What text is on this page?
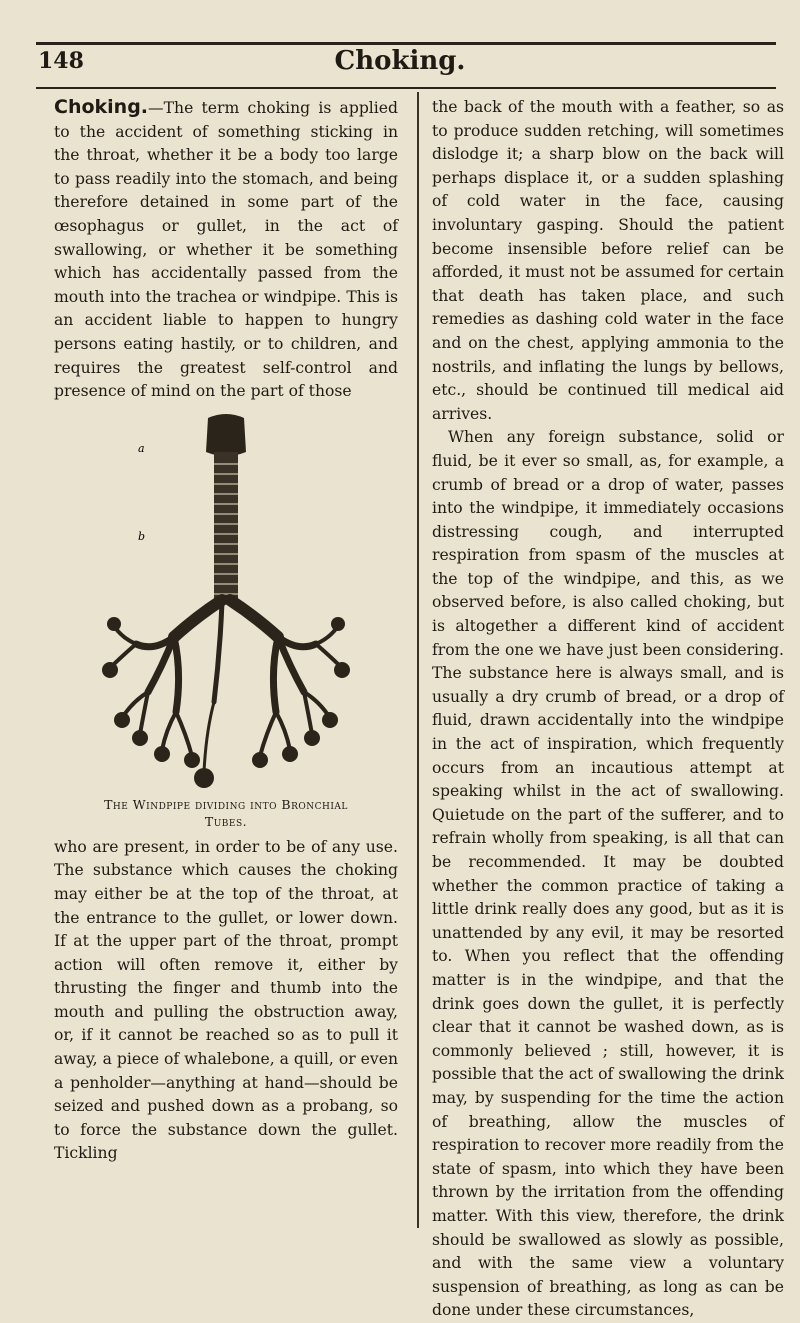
148	Choking.

Choking.—The term choking is applied to the accident of something sticking in the throat, whether it be a body too large to pass readily into the stomach, and being therefore detained in some part of the œsophagus or gullet, in the act of swallowing, or whether it be something which has accidentally passed from the mouth into the trachea or windpipe. This is an accident liable to happen to hungry persons eating hastily, or to children, and requires the greatest self-control and presence of mind on the part of those

a
b
The Windpipe dividing into Bronchial
Tubes.

who are present, in order to be of any use. The substance which causes the choking may either be at the top of the throat, at the entrance to the gullet, or lower down. If at the upper part of the throat, prompt action will often remove it, either by thrusting the finger and thumb into the mouth and pulling the obstruction away, or, if it cannot be reached so as to pull it away, a piece of whalebone, a quill, or even a penholder—anything at hand—should be seized and pushed down as a probang, so to force the substance down the gullet. Tickling

the back of the mouth with a feather, so as to produce sudden retching, will sometimes dislodge it; a sharp blow on the back will perhaps displace it, or a sudden splashing of cold water in the face, causing involuntary gasping. Should the patient become insensible before relief can be afforded, it must not be assumed for certain that death has taken place, and such remedies as dashing cold water in the face and on the chest, applying ammonia to the nostrils, and inflating the lungs by bellows, etc., should be continued till medical aid arrives.

When any foreign substance, solid or fluid, be it ever so small, as, for example, a crumb of bread or a drop of water, passes into the windpipe, it immediately occasions distressing cough, and interrupted respiration from spasm of the muscles at the top of the windpipe, and this, as we observed before, is also called choking, but is altogether a different kind of accident from the one we have just been considering. The substance here is always small, and is usually a dry crumb of bread, or a drop of fluid, drawn accidentally into the windpipe in the act of inspiration, which frequently occurs from an incautious attempt at speaking whilst in the act of swallowing. Quietude on the part of the sufferer, and to refrain wholly from speaking, is all that can be recommended. It may be doubted whether the common practice of taking a little drink really does any good, but as it is unattended by any evil, it may be resorted to. When you reflect that the offending matter is in the windpipe, and that the drink goes down the gullet, it is perfectly clear that it cannot be washed down, as is commonly believed ; still, however, it is possible that the act of swallowing the drink may, by suspending for the time the action of breathing, allow the muscles of respiration to recover more readily from the state of spasm, into which they have been thrown by the irritation from the offending matter. With this view, therefore, the drink should be swallowed as slowly as possible, and with the same view a voluntary suspension of breathing, as long as can be done under these circumstances,
